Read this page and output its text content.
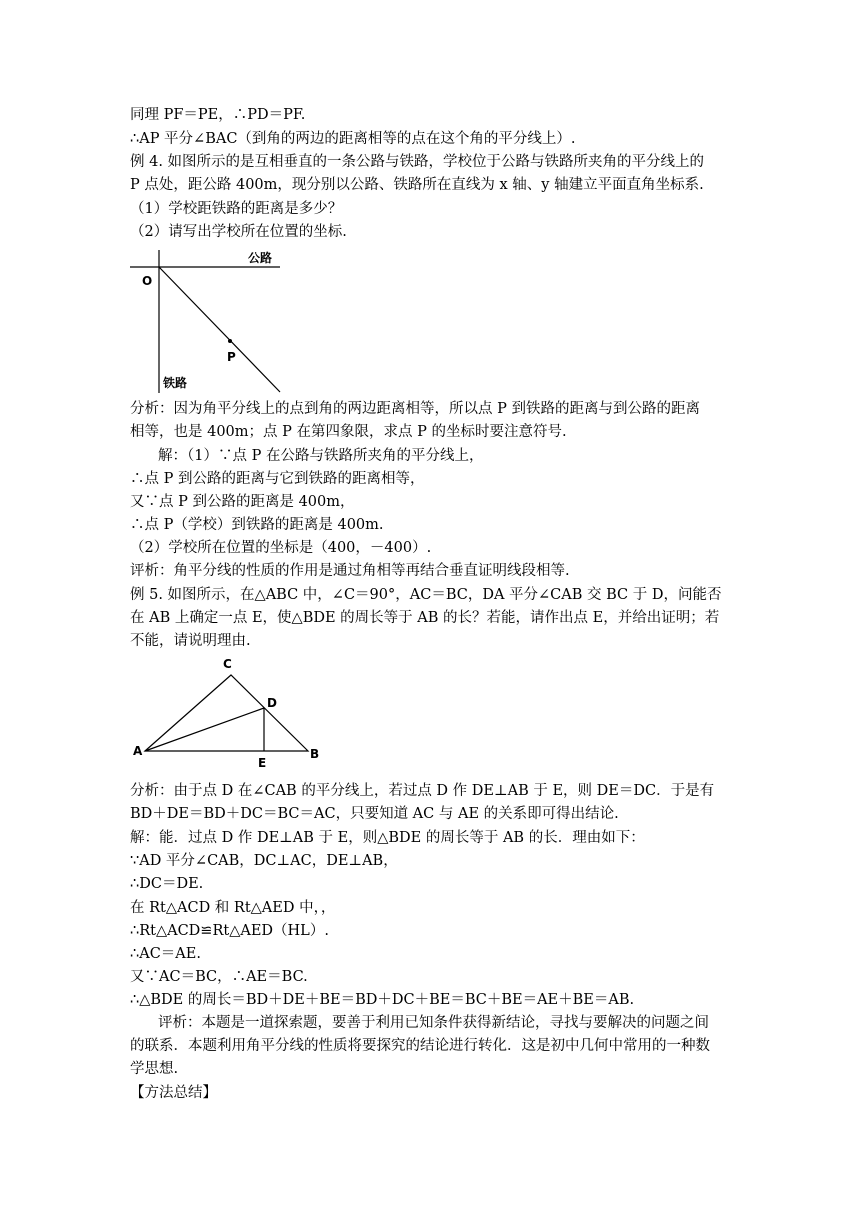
同理 PF＝PE，∴PD＝PF.
∴AP 平分∠BAC（到角的两边的距离相等的点在这个角的平分线上）.
例 4. 如图所示的是互相垂直的一条公路与铁路，学校位于公路与铁路所夹角的平分线上的
P 点处，距公路 400m，现分别以公路、铁路所在直线为 x 轴、y 轴建立平面直角坐标系.
（1）学校距铁路的距离是多少？
（2）请写出学校所在位置的坐标.
O
公路
铁路
P
分析：因为角平分线上的点到角的两边距离相等，所以点 P 到铁路的距离与到公路的距离
相等，也是 400m；点 P 在第四象限，求点 P 的坐标时要注意符号.
解：（1）∵点 P 在公路与铁路所夹角的平分线上，
∴点 P 到公路的距离与它到铁路的距离相等，
又∵点 P 到公路的距离是 400m，
∴点 P（学校）到铁路的距离是 400m.
（2）学校所在位置的坐标是（400，－400）.
评析：角平分线的性质的作用是通过角相等再结合垂直证明线段相等.
例 5. 如图所示，在△ABC 中，∠C＝90°，AC＝BC，DA 平分∠CAB 交 BC 于 D，问能否
在 AB 上确定一点 E，使△BDE 的周长等于 AB 的长？若能，请作出点 E，并给出证明；若
不能，请说明理由.
C
D
A	B
E
分析：由于点 D 在∠CAB 的平分线上，若过点 D 作 DE⊥AB 于 E，则 DE＝DC．于是有
BD＋DE＝BD＋DC＝BC＝AC，只要知道 AC 与 AE 的关系即可得出结论.
解：能．过点 D 作 DE⊥AB 于 E，则△BDE 的周长等于 AB 的长．理由如下：
∵AD 平分∠CAB，DC⊥AC，DE⊥AB，
∴DC＝DE.
在 Rt△ACD 和 Rt△AED 中，，
∴Rt△ACD≌Rt△AED（HL）.
∴AC＝AE.
又∵AC＝BC，∴AE＝BC.
∴△BDE 的周长＝BD＋DE＋BE＝BD＋DC＋BE＝BC＋BE＝AE＋BE＝AB.
评析：本题是一道探索题，要善于利用已知条件获得新结论，寻找与要解决的问题之间
的联系．本题利用角平分线的性质将要探究的结论进行转化．这是初中几何中常用的一种数
学思想.
【方法总结】
